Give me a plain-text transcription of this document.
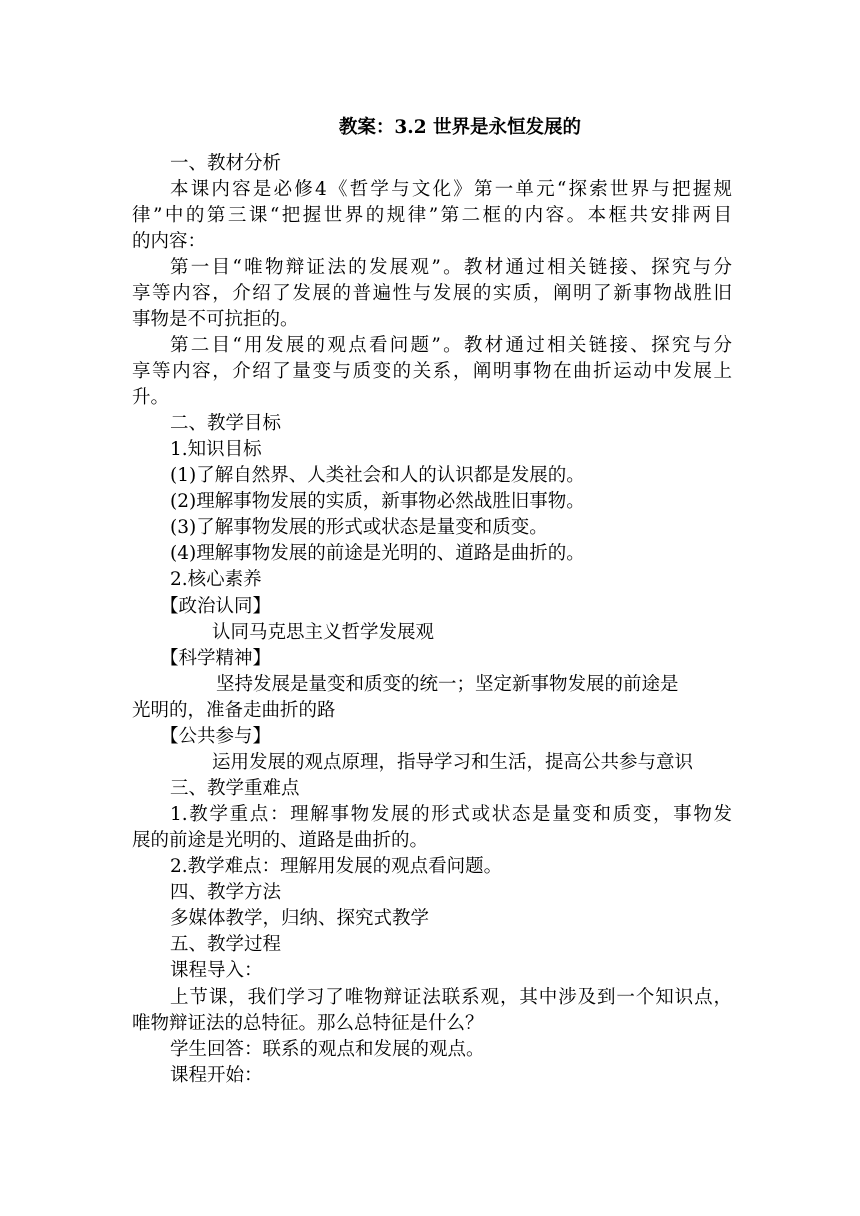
教案：3.2 世界是永恒发展的
一、教材分析
本课内容是必修4《哲学与文化》第一单元“探索世界与把握规
律”中的第三课“把握世界的规律”第二框的内容。本框共安排两目
的内容：
第一目“唯物辩证法的发展观”。教材通过相关链接、探究与分
享等内容，介绍了发展的普遍性与发展的实质，阐明了新事物战胜旧
事物是不可抗拒的。
第二目“用发展的观点看问题”。教材通过相关链接、探究与分
享等内容，介绍了量变与质变的关系，阐明事物在曲折运动中发展上
升。
二、教学目标
1.知识目标
(1)了解自然界、人类社会和人的认识都是发展的。
(2)理解事物发展的实质，新事物必然战胜旧事物。
(3)了解事物发展的形式或状态是量变和质变。
(4)理解事物发展的前途是光明的、道路是曲折的。
2.核心素养
【政治认同】
认同马克思主义哲学发展观
【科学精神】
坚持发展是量变和质变的统一；坚定新事物发展的前途是
光明的，准备走曲折的路
【公共参与】
运用发展的观点原理，指导学习和生活，提高公共参与意识
三、教学重难点
1.教学重点：理解事物发展的形式或状态是量变和质变，事物发
展的前途是光明的、道路是曲折的。
2.教学难点：理解用发展的观点看问题。
四、教学方法
多媒体教学，归纳、探究式教学
五、教学过程
课程导入：
上节课，我们学习了唯物辩证法联系观，其中涉及到一个知识点，
唯物辩证法的总特征。那么总特征是什么？
学生回答：联系的观点和发展的观点。
课程开始：
